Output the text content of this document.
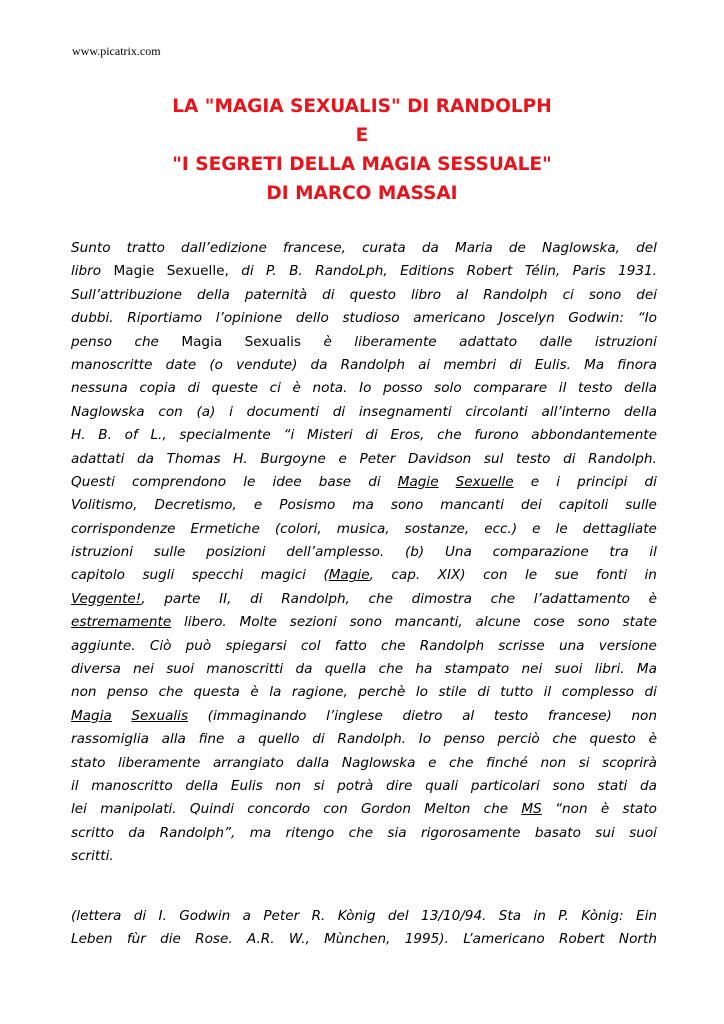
www.picatrix.com
LA "MAGIA SEXUALIS" DI RANDOLPH
E
"I SEGRETI DELLA MAGIA SESSUALE"
DI MARCO MASSAI
Sunto tratto dall’edizione francese, curata da Maria de Naglowska, del
libro Magie Sexuelle, di P. B. RandoLph, Editions Robert Télin, Paris 1931.
Sull’attribuzione della paternità di questo libro al Randolph ci sono dei
dubbi. Riportiamo l’opinione dello studioso americano Joscelyn Godwin: “Io
penso che Magia Sexualis è liberamente adattato dalle istruzioni
manoscritte date (o vendute) da Randolph ai membri di Eulis. Ma finora
nessuna copia di queste ci è nota. Io posso solo comparare il testo della
Naglowska con (a) i documenti di insegnamenti circolanti all’interno della
H. B. of L., specialmente “i Misteri di Eros, che furono abbondantemente
adattati da Thomas H. Burgoyne e Peter Davidson sul testo di Randolph.
Questi comprendono le idee base di Magie Sexuelle e i principi di
Volitismo, Decretismo, e Posismo ma sono mancanti dei capitoli sulle
corrispondenze Ermetiche (colori, musica, sostanze, ecc.) e le dettagliate
istruzioni sulle posizioni dell’amplesso. (b) Una comparazione tra il
capitolo sugli specchi magici (Magie, cap. XIX) con le sue fonti in
Veggente!, parte II, di Randolph, che dimostra che l’adattamento è
estremamente libero. Molte sezioni sono mancanti, alcune cose sono state
aggiunte. Ciò può spiegarsi col fatto che Randolph scrisse una versione
diversa nei suoi manoscritti da quella che ha stampato nei suoi libri. Ma
non penso che questa è la ragione, perchè lo stile di tutto il complesso di
Magia Sexualis (immaginando l’inglese dietro al testo francese) non
rassomiglia alla fine a quello di Randolph. Io penso perciò che questo è
stato liberamente arrangiato dalla Naglowska e che finché non si scoprirà
il manoscritto della Eulis non si potrà dire quali particolari sono stati da
lei manipolati. Quindi concordo con Gordon Melton che MS “non è stato
scritto da Randolph”, ma ritengo che sia rigorosamente basato sui suoi
scritti.
(lettera di I. Godwin a Peter R. Kònig del 13/10/94. Sta in P. Kònig: Ein
Leben fùr die Rose. A.R. W., Mùnchen, 1995). L’americano Robert North
